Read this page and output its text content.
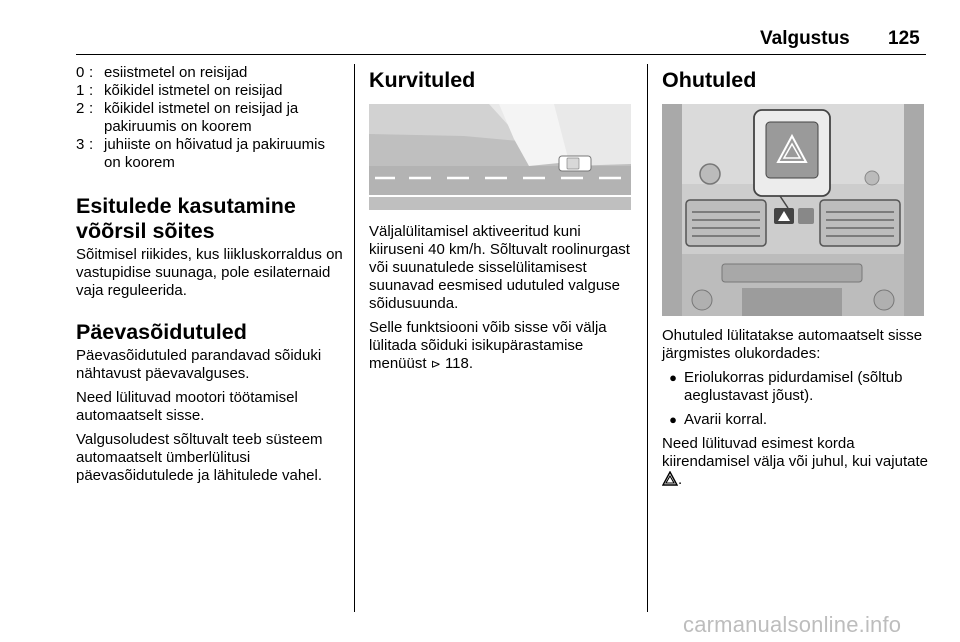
Valgustus 125
0 : esiistmetel on reisijad
1 : kõikidel istmetel on reisijad
2 : kõikidel istmetel on reisijad ja pakiruumis on koorem
3 : juhiiste on hõivatud ja pakiruumis on koorem
Esitulede kasutamine võõrsil sõites

Sõitmisel riikides, kus liikluskorraldus on vastupidise suunaga, pole esilaternaid vaja reguleerida.

Päevasõidutuled

Päevasõidutuled parandavad sõiduki nähtavust päevavalguses.

Need lülituvad mootori töötamisel automaatselt sisse.

Valgusoludest sõltuvalt teeb süsteem automaatselt ümberlülitusi päevasõidutulede ja lähitulede vahel.

Kurvituled

Väljalülitamisel aktiveeritud kuni kiiruseni 40 km/h. Sõltuvalt roolinurgast või suunatulede sisselülitamisest suunavad eesmised udutuled valguse sõidusuunda.

Selle funktsiooni võib sisse või välja lülitada sõiduki isikupärastamise menüüst ⊳ 118.

Ohutuled

Ohutuled lülitatakse automaatselt sisse järgmistes olukordades:

● Eriolukorras pidurdamisel (sõltub aeglustavast jõust).
● Avarii korral.

Need lülituvad esimest korda kiirendamisel välja või juhul, kui vajutate .

carmanualsonline.info
